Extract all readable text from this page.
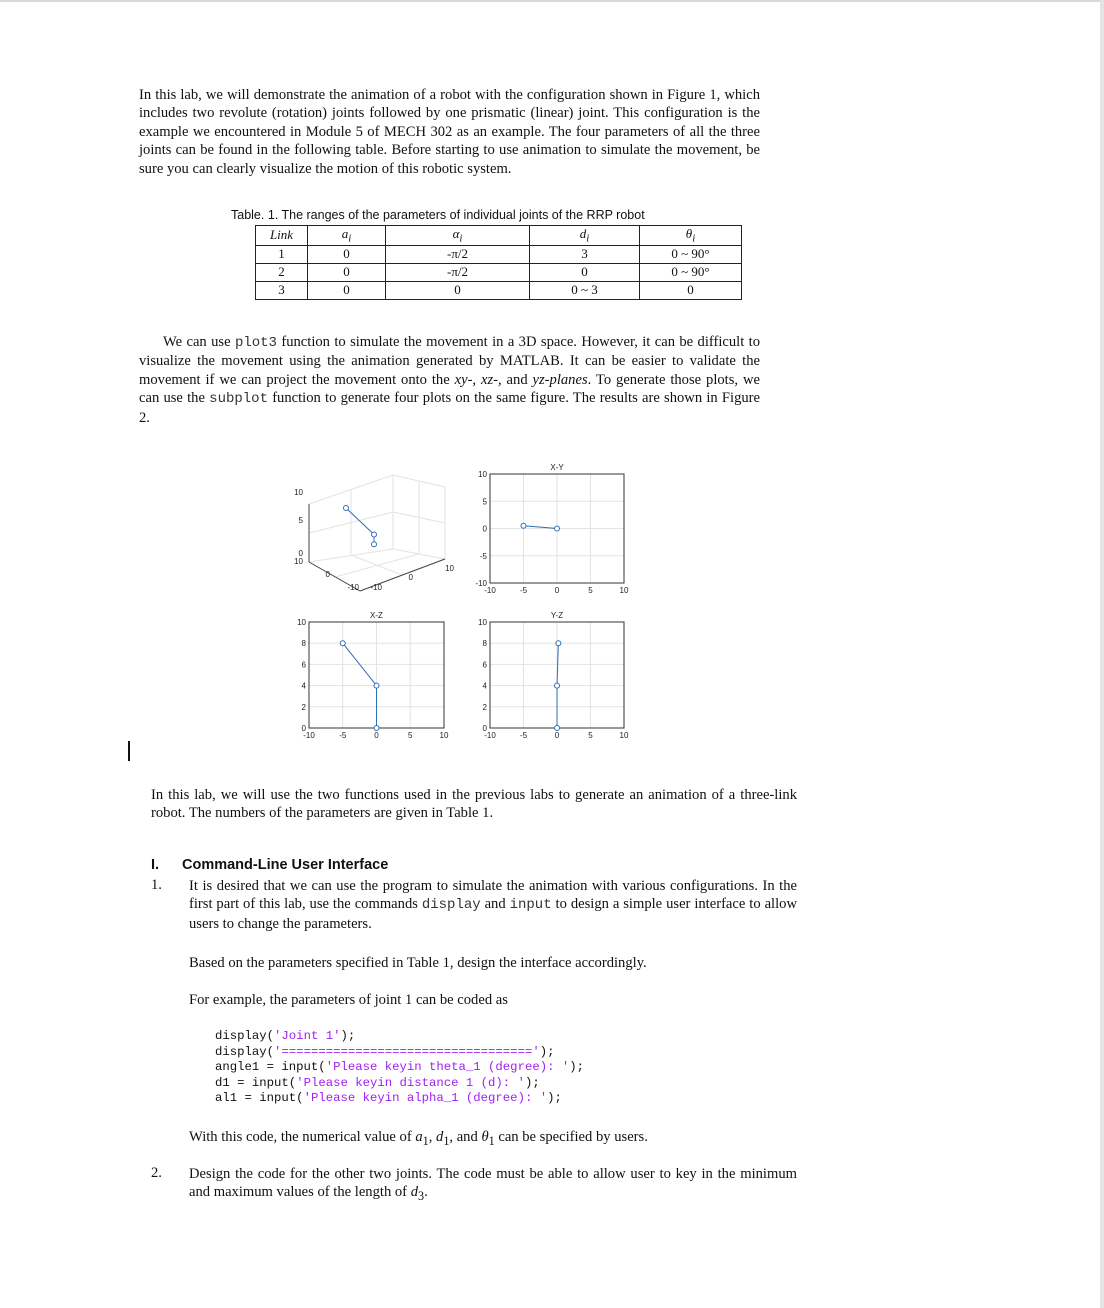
In this lab, we will demonstrate the animation of a robot with the configuration shown in Figure 1, which includes two revolute (rotation) joints followed by one prismatic (linear) joint. This configuration is the example we encountered in Module 5 of MECH 302 as an example. The four parameters of all the three joints can be found in the following table. Before starting to use animation to simulate the movement, be sure you can clearly visualize the motion of this robotic system.
Table. 1. The ranges of the parameters of individual joints of the RRP robot
Link	$a_i$	$\alpha_i$	$d_i$	$\theta_i$
1	0	-π/2	3	0 ~ 90°
2	0	-π/2	0	0 ~ 90°
3	0	0	0 ~ 3	0
We can use plot3 function to simulate the movement in a 3D space. However, it can be difficult to visualize the movement using the animation generated by MATLAB. It can be easier to validate the movement if we can project the movement onto the xy-, xz-, and yz-planes. To generate those plots, we can use the subplot function to generate four plots on the same figure. The results are shown in Figure 2.
10
5
0
10
0
-10 -10
0
10
-10	-5	0	5	10
10
5
0
-5
-10
X-Y
-10	-5	0	5	10
10
8
6
4
2
0
X-Z
-10	-5	0	5	10
10
8
6
4
2
0
Y-Z
In this lab, we will use the two functions used in the previous labs to generate an animation of a three-link robot. The numbers of the parameters are given in Table 1.
I. Command-Line User Interface
1. It is desired that we can use the program to simulate the animation with various configurations. In the first part of this lab, use the commands display and input to design a simple user interface to allow users to change the parameters.
Based on the parameters specified in Table 1, design the interface accordingly.
For example, the parameters of joint 1 can be coded as
display('Joint 1');
display('==================================');
angle1 = input('Please keyin theta_1 (degree): ');
d1 = input('Please keyin distance 1 (d): ');
al1 = input('Please keyin alpha_1 (degree): ');
With this code, the numerical value of $a_1$, $d_1$, and $\theta_1$ can be specified by users.
2. Design the code for the other two joints. The code must be able to allow user to key in the minimum and maximum values of the length of $d_3$.
